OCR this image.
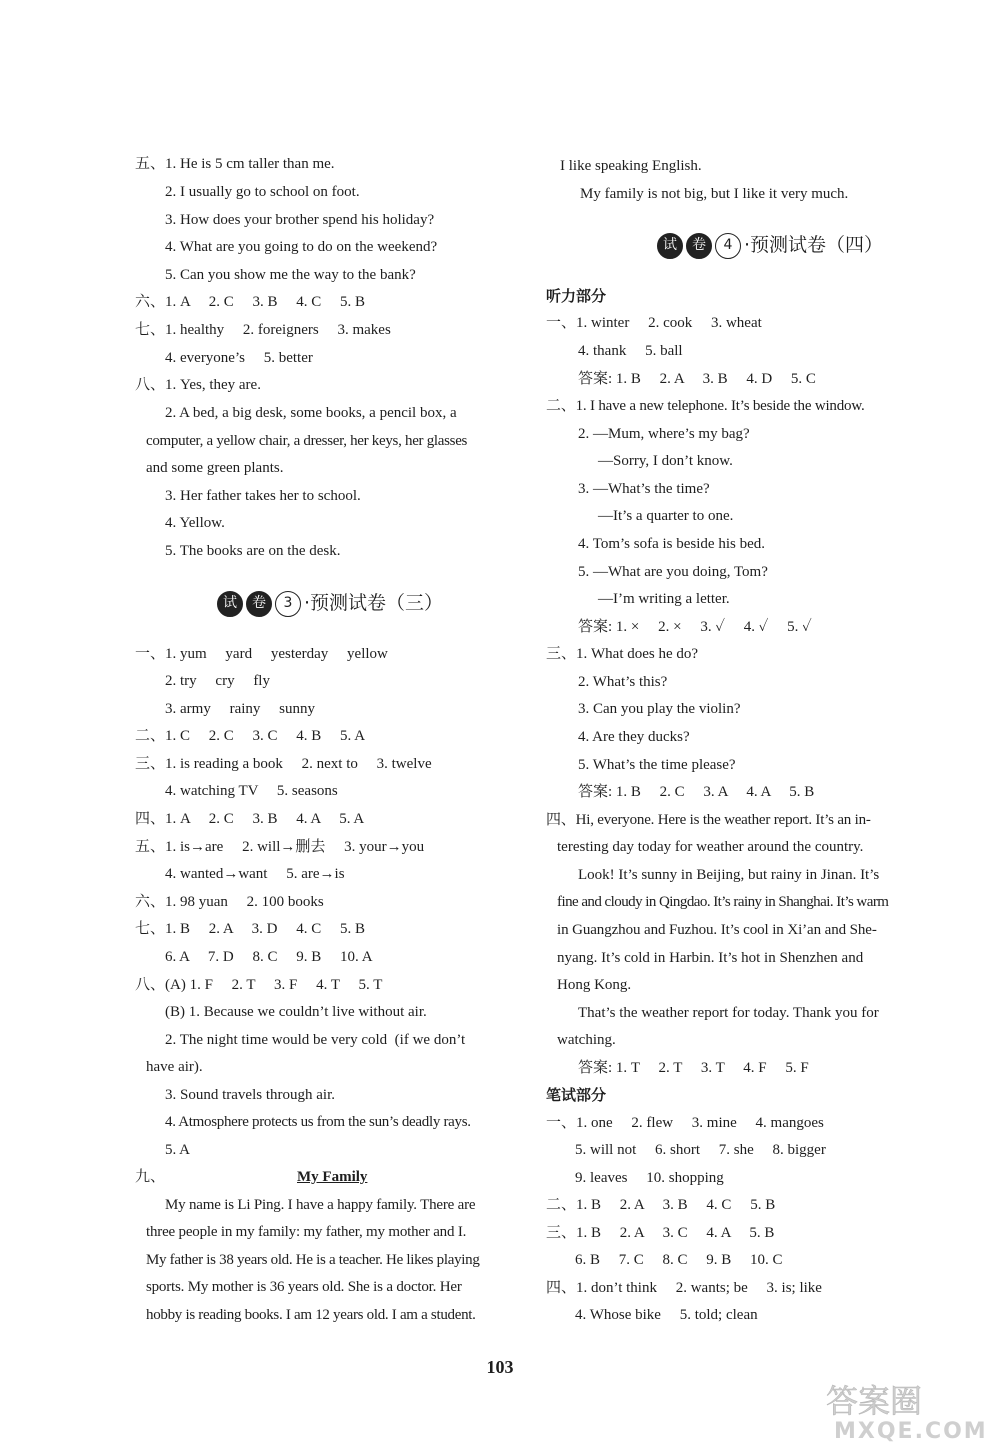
五、1. He is 5 cm taller than me.
2. I usually go to school on foot.
3. How does your brother spend his holiday?
4. What are you going to do on the weekend?
5. Can you show me the way to the bank?
六、1. A     2. C     3. B     4. C     5. B
七、1. healthy     2. foreigners     3. makes
4. everyone’s     5. better
八、1. Yes, they are.
2. A bed, a big desk, some books, a pencil box, a
computer, a yellow chair, a dresser, her keys, her glasses
and some green plants.
3. Her father takes her to school.
4. Yellow.
5. The books are on the desk.
试 卷 3 ·预测试卷（三）
一、1. yum     yard     yesterday     yellow
2. try     cry     fly
3. army     rainy     sunny
二、1. C     2. C     3. C     4. B     5. A
三、1. is reading a book     2. next to     3. twelve
4. watching TV     5. seasons
四、1. A     2. C     3. B     4. A     5. A
五、1. is→are     2. will→删去     3. your→you
4. wanted→want     5. are→is
六、1. 98 yuan     2. 100 books
七、1. B     2. A     3. D     4. C     5. B
6. A     7. D     8. C     9. B     10. A
八、(A) 1. F     2. T     3. F     4. T     5. T
(B) 1. Because we couldn’t live without air.
2. The night time would be very cold  (if we don’t
have air).
3. Sound travels through air.
4. Atmosphere protects us from the sun’s deadly rays.
5. A
九、	My Family
My name is Li Ping. I have a happy family. There are
three people in my family: my father, my mother and I.
My father is 38 years old. He is a teacher. He likes playing
sports. My mother is 36 years old. She is a doctor. Her
hobby is reading books. I am 12 years old. I am a student.
I like speaking English.
My family is not big, but I like it very much.
试 卷 4 ·预测试卷（四）
听力部分
一、1. winter     2. cook     3. wheat
4. thank     5. ball
答案: 1. B     2. A     3. B     4. D     5. C
二、1. I have a new telephone. It’s beside the window.
2. —Mum, where’s my bag?
—Sorry, I don’t know.
3. —What’s the time?
—It’s a quarter to one.
4. Tom’s sofa is beside his bed.
5. —What are you doing, Tom?
—I’m writing a letter.
答案: 1. ×     2. ×     3. ✓     4. ✓     5. ✓
三、1. What does he do?
2. What’s this?
3. Can you play the violin?
4. Are they ducks?
5. What’s the time please?
答案: 1. B     2. C     3. A     4. A     5. B
四、Hi, everyone. Here is the weather report. It’s an in-
teresting day today for weather around the country.
Look! It’s sunny in Beijing, but rainy in Jinan. It’s
fine and cloudy in Qingdao. It’s rainy in Shanghai. It’s warm
in Guangzhou and Fuzhou. It’s cool in Xi’an and She-
nyang. It’s cold in Harbin. It’s hot in Shenzhen and
Hong Kong.
That’s the weather report for today. Thank you for
watching.
答案: 1. T     2. T     3. T     4. F     5. F
笔试部分
一、1. one     2. flew     3. mine     4. mangoes
5. will not     6. short     7. she     8. bigger
9. leaves     10. shopping
二、1. B     2. A     3. B     4. C     5. B
三、1. B     2. A     3. C     4. A     5. B
6. B     7. C     8. C     9. B     10. C
四、1. don’t think     2. wants; be     3. is; like
4. Whose bike     5. told; clean
103
答案圈
MXQE.COM
